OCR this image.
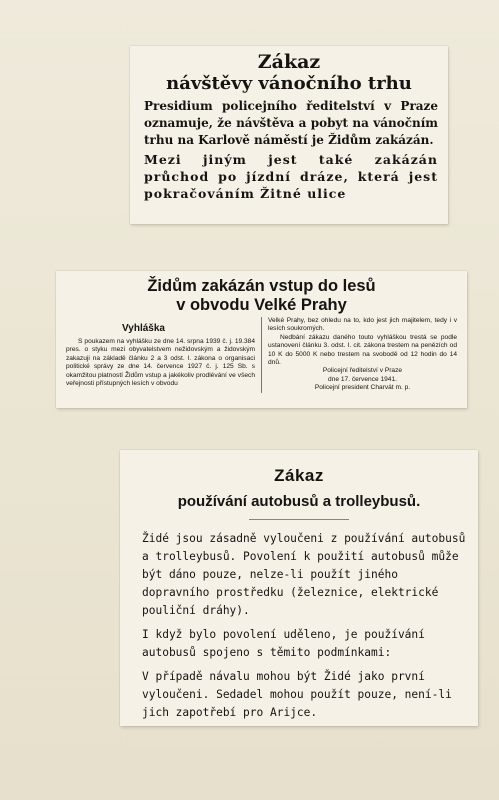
Zákaz
návštěvy vánočního trhu

Presidium policejního ředitelství v Praze oznamuje, že návštěva a pobyt na vánočním trhu na Karlově náměstí je Židům zakázán.

Mezi jiným jest také zakázán průchod po jízdní dráze, která jest pokračováním Žitné ulice

Židům zakázán vstup do lesů
v obvodu Velké Prahy
Vyhláška

S poukazem na vyhlášku ze dne 14. srpna 1939 č. j. 19.384 pres. o styku mezi obyvatelstvem nežidovským a židovským zakazuji na základě článku 2 a 3 odst. I. zákona o organisaci politické správy ze dne 14. července 1927 č. j. 125 Sb. s okamžitou platností Židům vstup a jakékoliv prodlévání ve všech veřejnosti přístupných lesích v obvodu

Velké Prahy, bez ohledu na to, kdo jest jich majitelem, tedy i v lesích soukromých.

Nedbání zákazu daného touto vyhláškou trestá se podle ustanovení článku 3. odst. I. cit. zákona trestem na penězích od 10 K do 5000 K nebo trestem na svobodě od 12 hodin do 14 dnů.

Policejní ředitelství v Praze

dne 17. července 1941.

Policejní president Charvát m. p.

Zákaz
používání autobusů a trolleybusů.

Židé jsou zásadně vyloučeni z používání autobusů a trolleybusů. Povolení k použití autobusů může být dáno pouze, nelze-li použít jiného dopravního prostředku (železnice, elektrické pouliční dráhy).

I když bylo povolení uděleno, je používání autobusů spojeno s těmito podmínkami:

V případě návalu mohou být Židé jako první vyloučeni. Sedadel mohou použít pouze, není-li jich zapotřebí pro Arijce.
